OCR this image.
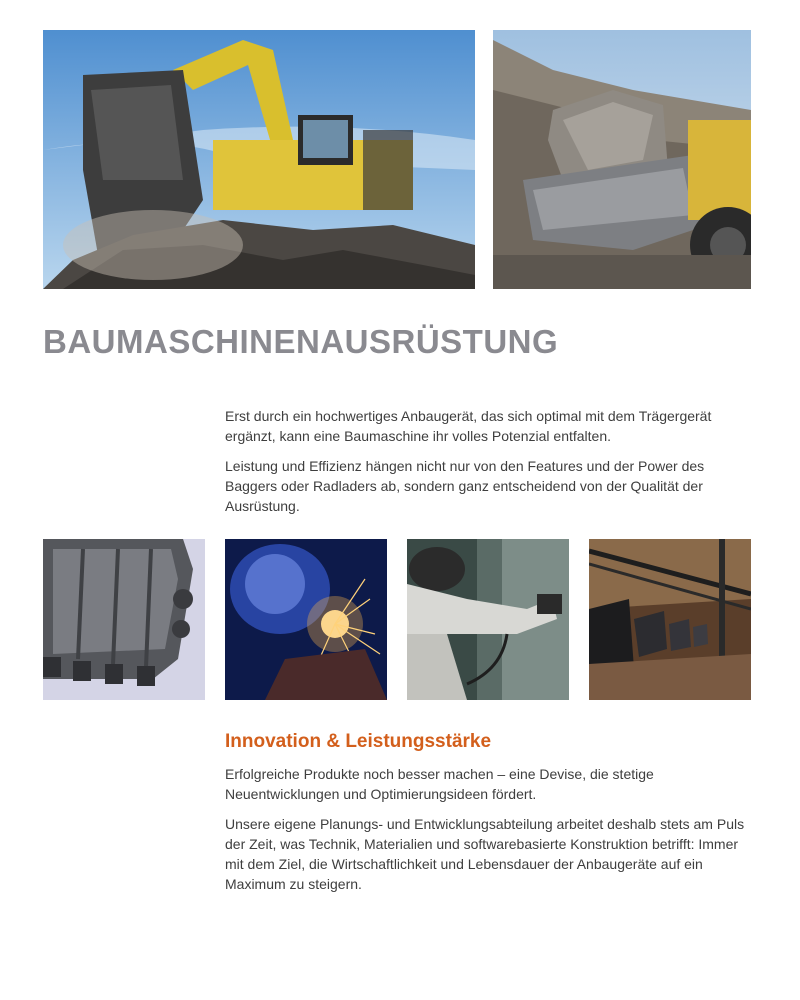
BAUMASCHINENAUSRÜSTUNG

Erst durch ein hochwertiges Anbaugerät, das sich optimal mit dem Trägergerät ergänzt, kann eine Baumaschine ihr volles Potenzial entfalten.

Leistung und Effizienz hängen nicht nur von den Features und der Power des Baggers oder Radladers ab, sondern ganz entscheidend von der Qualität der Ausrüstung.

Innovation & Leistungsstärke

Erfolgreiche Produkte noch besser machen – eine Devise, die stetige Neuentwicklungen und Optimierungsideen fördert.

Unsere eigene Planungs- und Entwicklungsabteilung arbeitet deshalb stets am Puls der Zeit, was Technik, Materialien und softwarebasierte Konstruktion betrifft: Immer mit dem Ziel, die Wirtschaftlichkeit und Lebensdauer der Anbaugeräte auf ein Maximum zu steigern.
